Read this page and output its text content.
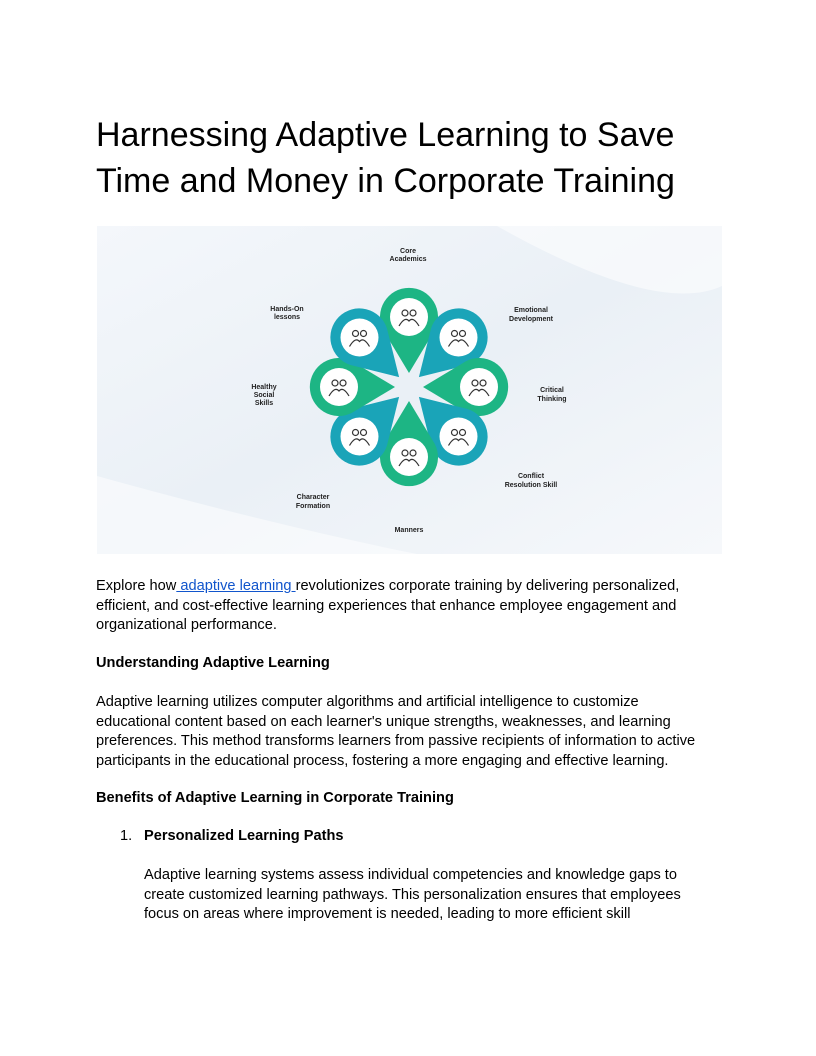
Harnessing Adaptive Learning to Save Time and Money in Corporate Training
Core
Academics
Emotional
Development
Critical
Thinking
Conflict
Resolution Skill
Manners
Character
Formation
Healthy
Social
Skills
Hands-On
lessons

Explore how adaptive learning revolutionizes corporate training by delivering personalized, efficient, and cost-effective learning experiences that enhance employee engagement and organizational performance.

Understanding Adaptive Learning

Adaptive learning utilizes computer algorithms and artificial intelligence to customize educational content based on each learner's unique strengths, weaknesses, and learning preferences. This method transforms learners from passive recipients of information to active participants in the educational process, fostering a more engaging and effective learning.

Benefits of Adaptive Learning in Corporate Training

1. Personalized Learning Paths

Adaptive learning systems assess individual competencies and knowledge gaps to create customized learning pathways. This personalization ensures that employees focus on areas where improvement is needed, leading to more efficient skill
